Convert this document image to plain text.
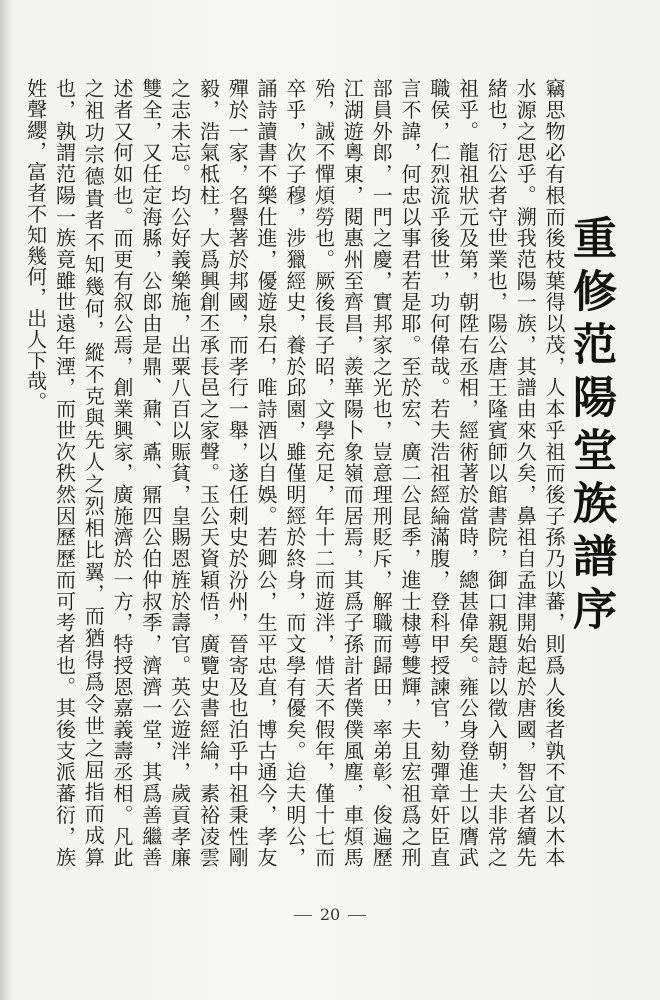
重修范陽堂族譜序

竊思物必有根而後枝葉得以茂，人本乎祖而後子孫乃以蕃，則爲人後者孰不宜以木本水源之思乎。溯我范陽一族，其譜由來久矣，鼻祖自孟津開始起於唐國，智公者續先緒也，衍公者守世業也，陽公唐王隆賓師以館書院，御口親題詩以徵入朝，夫非常之祖乎。龍祖狀元及第，朝陞右丞相，經術著於當時，總甚偉矣。雍公身登進士以膺武職侯，仁烈流乎後世，功何偉哉。若夫浩祖經綸滿腹，登科甲授諫官，劾彈章奸臣直言不諱，何忠以事君若是耶。至於宏、廣二公昆季，進士棣萼雙輝，夫且宏祖爲之刑部員外郎，一門之慶，實邦家之光也，豈意理刑貶斥，解職而歸田，率弟彰、俊遍歷江湖遊粵東，閱惠州至齊昌，羨華陽卜象嶺而居焉，其爲子孫計者僕僕風塵，車煩馬殆，誠不憚煩勞也。厥後長子昭，文學充足，年十二而遊泮，惜天不假年，僅十七而卒乎，次子穆，涉獵經史，養於邱園，雖僅明經於終身，而文學有優矣。迨夫明公，誦詩讀書不樂仕進，優遊泉石，唯詩酒以自娛。若卿公，生平忠直，博古通今，孝友殫於一家，名譽著於邦國，而孝行一舉，遂任刺史於汾州，晉寄及也泊乎中祖秉性剛毅，浩氣柢柱，大爲興創丕承長邑之家聲。玉公天資穎悟，廣覽史書經綸，素裕凌雲之志未忘。均公好義樂施，出粟八百以賑貧，皇賜恩旌於壽官。英公遊泮，歲貢孝廉雙全，又任定海縣，公郎由是鼎、鼐、鼒、鼏四公伯仲叔季，濟濟一堂，其爲善繼善述者又何如也。而更有叙公焉，創業興家，廣施濟於一方，特授恩嘉義壽丞相。凡此之祖功宗德貴者不知幾何，縱不克與先人之烈相比翼，而猶得爲令世之屈指而成算也，孰謂范陽一族竟雖世遠年湮，而世次秩然因歷歷而可考者也。其後支派蕃衍，族姓聲纓，富者不知幾何，出人下哉。

20
